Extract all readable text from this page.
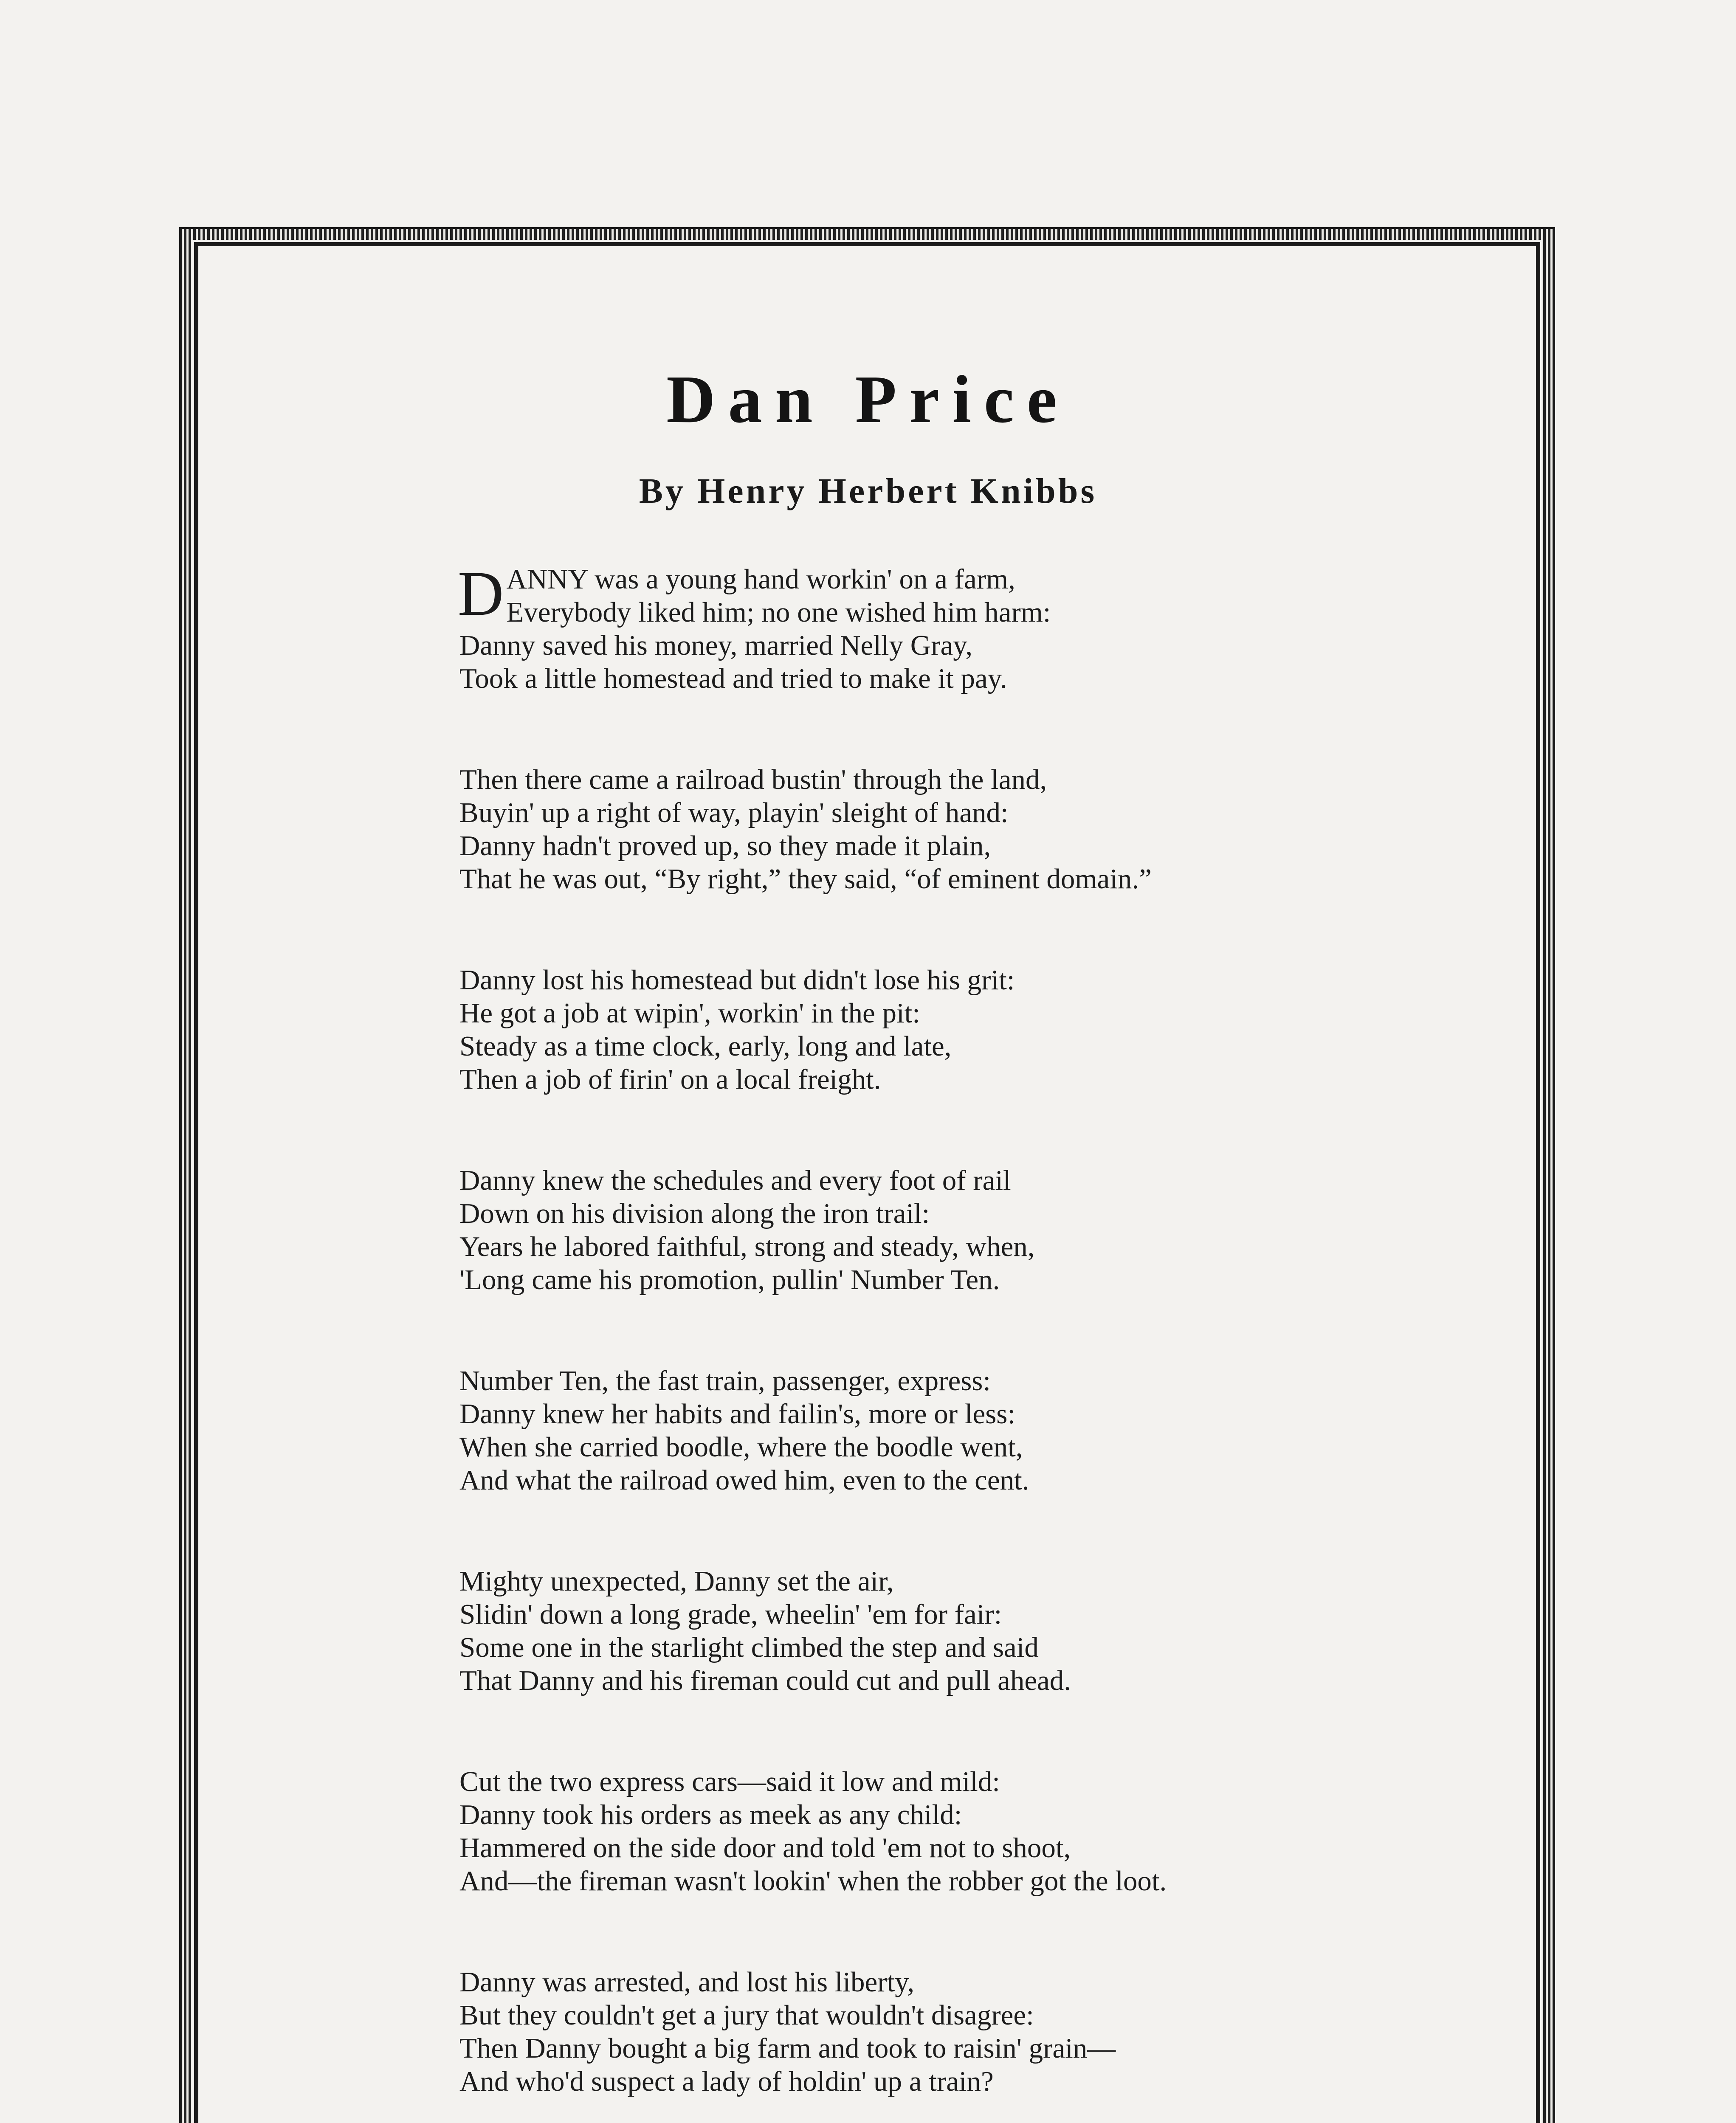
Dan Price
By Henry Herbert Knibbs
DANNY was a young hand workin' on a farm,
Everybody liked him; no one wished him harm:
Danny saved his money, married Nelly Gray,
Took a little homestead and tried to make it pay.
Then there came a railroad bustin' through the land,
Buyin' up a right of way, playin' sleight of hand:
Danny hadn't proved up, so they made it plain,
That he was out, “By right,” they said, “of eminent domain.”
Danny lost his homestead but didn't lose his grit:
He got a job at wipin', workin' in the pit:
Steady as a time clock, early, long and late,
Then a job of firin' on a local freight.
Danny knew the schedules and every foot of rail
Down on his division along the iron trail:
Years he labored faithful, strong and steady, when,
'Long came his promotion, pullin' Number Ten.
Number Ten, the fast train, passenger, express:
Danny knew her habits and failin's, more or less:
When she carried boodle, where the boodle went,
And what the railroad owed him, even to the cent.
Mighty unexpected, Danny set the air,
Slidin' down a long grade, wheelin' 'em for fair:
Some one in the starlight climbed the step and said
That Danny and his fireman could cut and pull ahead.
Cut the two express cars—said it low and mild:
Danny took his orders as meek as any child:
Hammered on the side door and told 'em not to shoot,
And—the fireman wasn't lookin' when the robber got the loot.
Danny was arrested, and lost his liberty,
But they couldn't get a jury that wouldn't disagree:
Then Danny bought a big farm and took to raisin' grain—
And who'd suspect a lady of holdin' up a train?
